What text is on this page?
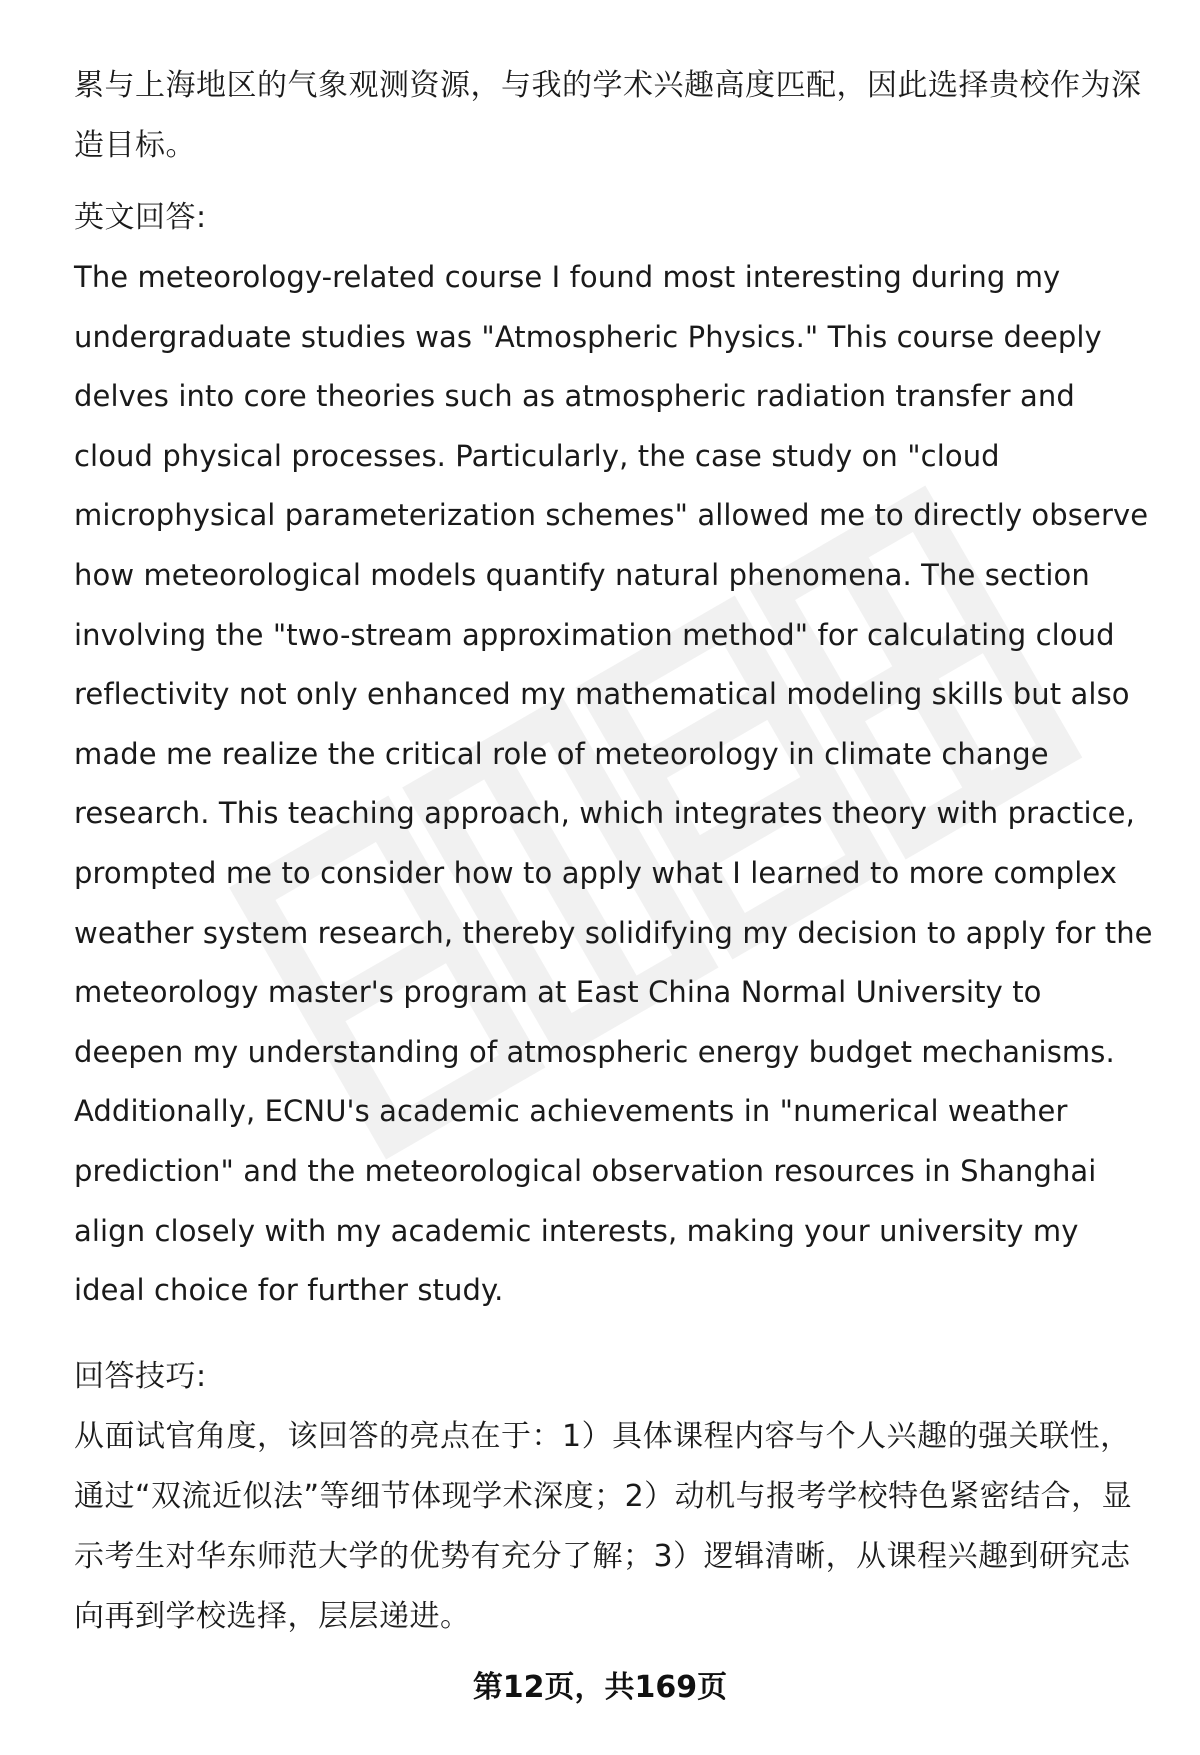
累与上海地区的气象观测资源，与我的学术兴趣高度匹配，因此选择贵校作为深造目标。

英文回答:

The meteorology-related course I found most interesting during my undergraduate studies was "Atmospheric Physics." This course deeply delves into core theories such as atmospheric radiation transfer and cloud physical processes. Particularly, the case study on "cloud microphysical parameterization schemes" allowed me to directly observe how meteorological models quantify natural phenomena. The section involving the "two-stream approximation method" for calculating cloud reflectivity not only enhanced my mathematical modeling skills but also made me realize the critical role of meteorology in climate change research. This teaching approach, which integrates theory with practice, prompted me to consider how to apply what I learned to more complex weather system research, thereby solidifying my decision to apply for the meteorology master's program at East China Normal University to deepen my understanding of atmospheric energy budget mechanisms. Additionally, ECNU's academic achievements in "numerical weather prediction" and the meteorological observation resources in Shanghai align closely with my academic interests, making your university my ideal choice for further study.

回答技巧:

从面试官角度，该回答的亮点在于：1）具体课程内容与个人兴趣的强关联性，通过“双流近似法”等细节体现学术深度；2）动机与报考学校特色紧密结合，显示考生对华东师范大学的优势有充分了解；3）逻辑清晰，从课程兴趣到研究志向再到学校选择，层层递进。

第12页，共169页
